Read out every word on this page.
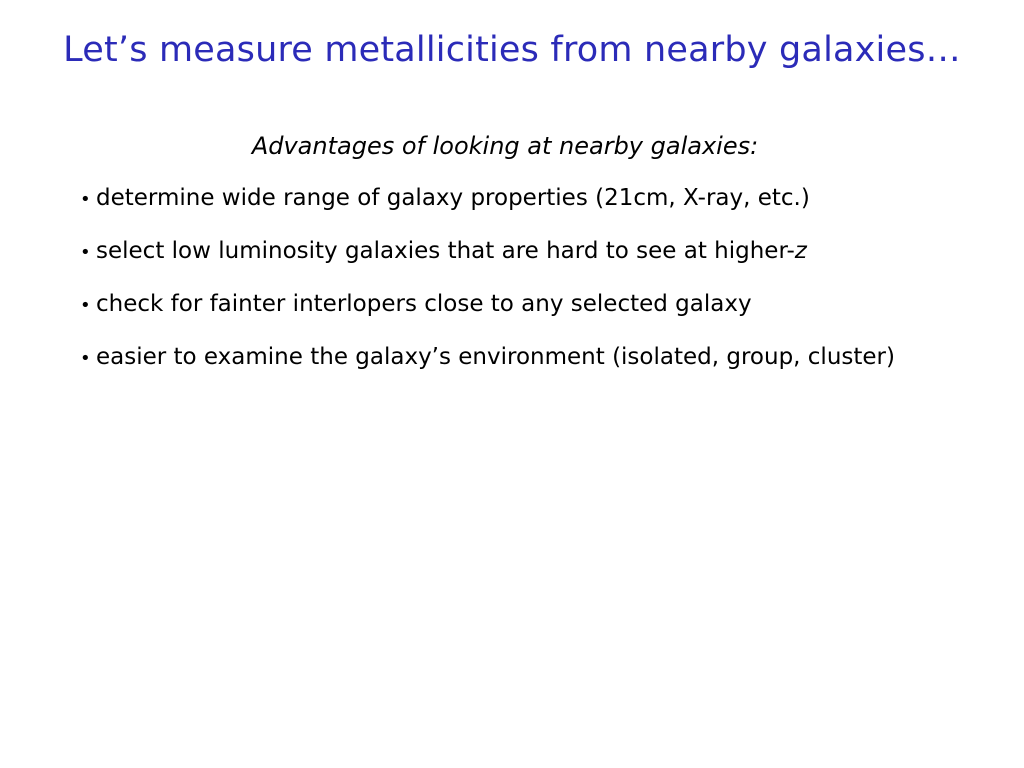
Let’s measure metallicities from nearby galaxies…
Advantages of looking at nearby galaxies:
• determine wide range of galaxy properties (21cm, X-ray, etc.)
• select low luminosity galaxies that are hard to see at higher- z
• check for fainter interlopers close to any selected galaxy
• easier to examine the galaxy’s environment (isolated, group, cluster)
